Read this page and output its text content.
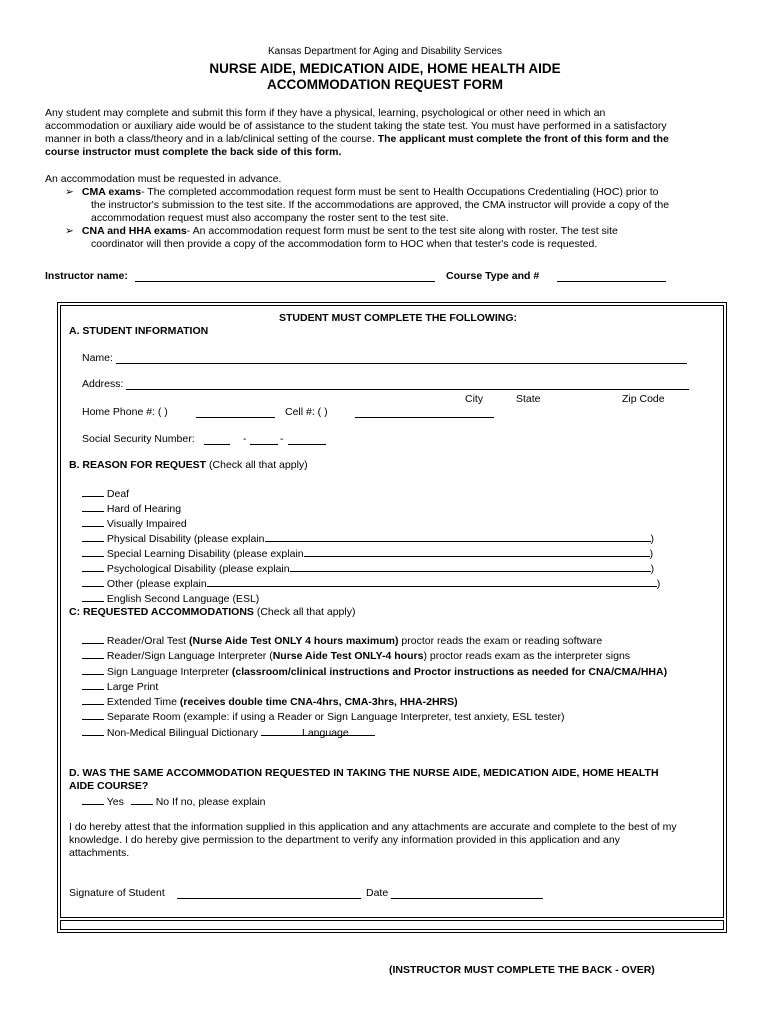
Kansas Department for Aging and Disability Services
NURSE AIDE, MEDICATION AIDE, HOME HEALTH AIDE
ACCOMMODATION REQUEST FORM
Any student may complete and submit this form if they have a physical, learning, psychological or other need in which an
accommodation or auxiliary aide would be of assistance to the student taking the state test. You must have performed in a satisfactory
manner in both a class/theory and in a lab/clinical setting of the course. The applicant must complete the front of this form and the
course instructor must complete the back side of this form.
An accommodation must be requested in advance.
➢ CMA exams- The completed accommodation request form must be sent to Health Occupations Credentialing (HOC) prior to
the instructor's submission to the test site. If the accommodations are approved, the CMA instructor will provide a copy of the
accommodation request must also accompany the roster sent to the test site.
➢ CNA and HHA exams- An accommodation request form must be sent to the test site along with roster. The test site
coordinator will then provide a copy of the accommodation form to HOC when that tester's code is requested.
Instructor name:	Course Type and #
STUDENT MUST COMPLETE THE FOLLOWING:
A. STUDENT INFORMATION
Name:
Address:
City	State	Zip Code
Home Phone #: ( )	Cell #: ( )
Social Security Number:	-	-
B. REASON FOR REQUEST (Check all that apply)
Deaf
Hard of Hearing
Visually Impaired
Physical Disability (please explain	)
Special Learning Disability (please explain	)
Psychological Disability (please explain	)
Other (please explain	)
English Second Language (ESL)
C: REQUESTED ACCOMMODATIONS (Check all that apply)
Reader/Oral Test (Nurse Aide Test ONLY 4 hours maximum) proctor reads the exam or reading software
Reader/Sign Language Interpreter (Nurse Aide Test ONLY-4 hours) proctor reads exam as the interpreter signs
Sign Language Interpreter (classroom/clinical instructions and Proctor instructions as needed for CNA/CMA/HHA)
Large Print
Extended Time (receives double time CNA-4hrs, CMA-3hrs, HHA-2HRS)
Separate Room (example: if using a Reader or Sign Language Interpreter, test anxiety, ESL tester)
Non-Medical Bilingual Dictionary	Language
D. WAS THE SAME ACCOMMODATION REQUESTED IN TAKING THE NURSE AIDE, MEDICATION AIDE, HOME HEALTH
AIDE COURSE?
Yes	No If no, please explain
I do hereby attest that the information supplied in this application and any attachments are accurate and complete to the best of my
knowledge. I do hereby give permission to the department to verify any information provided in this application and any
attachments.
Signature of Student	Date
(INSTRUCTOR MUST COMPLETE THE BACK - OVER)
